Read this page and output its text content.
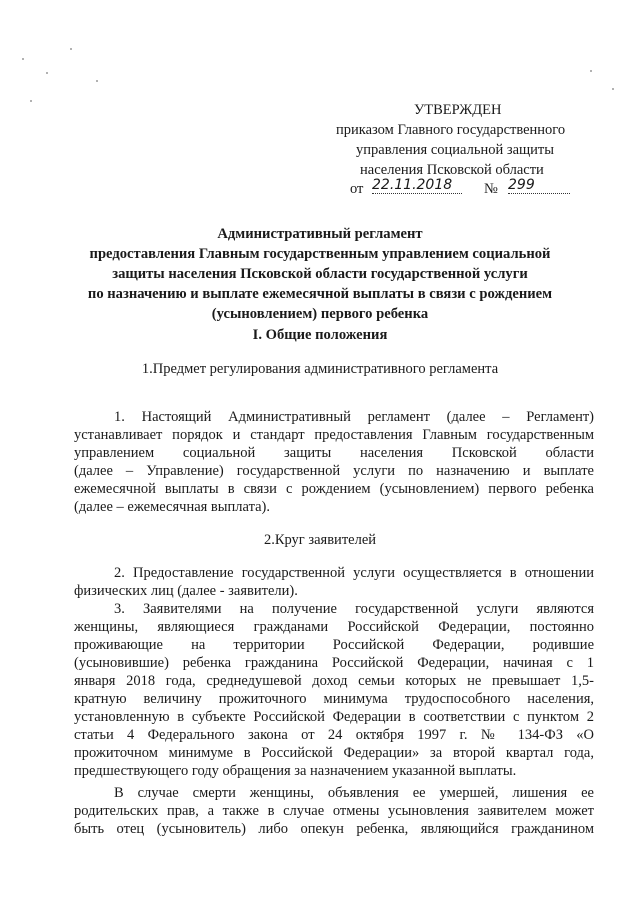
УТВЕРЖДЕН
приказом Главного государственного
управления социальной защиты
населения Псковской области
от 22.11.2018	№ 299
Административный регламент
предоставления Главным государственным управлением социальной
защиты населения Псковской области государственной услуги
по назначению и выплате ежемесячной выплаты в связи с рождением
(усыновлением) первого ребенка
I. Общие положения
1.Предмет регулирования административного регламента
1. Настоящий Административный регламент (далее – Регламент)
устанавливает порядок и стандарт предоставления Главным государственным
управлением социальной защиты населения Псковской области
(далее – Управление) государственной услуги по назначению и выплате
ежемесячной выплаты в связи с рождением (усыновлением) первого ребенка
(далее – ежемесячная выплата).
2.Круг заявителей
2. Предоставление государственной услуги осуществляется в отношении
физических лиц (далее - заявители).
3. Заявителями на получение государственной услуги являются
женщины, являющиеся гражданами Российской Федерации, постоянно
проживающие на территории Российской Федерации, родившие
(усыновившие) ребенка гражданина Российской Федерации, начиная с 1
января 2018 года, среднедушевой доход семьи которых не превышает 1,5-
кратную величину прожиточного минимума трудоспособного населения,
установленную в субъекте Российской Федерации в соответствии с пунктом 2
статьи 4 Федерального закона от 24 октября 1997 г. № 134-ФЗ «О
прожиточном минимуме в Российской Федерации» за второй квартал года,
предшествующего году обращения за назначением указанной выплаты.
В случае смерти женщины, объявления ее умершей, лишения ее
родительских прав, а также в случае отмены усыновления заявителем может
быть отец (усыновитель) либо опекун ребенка, являющийся гражданином
